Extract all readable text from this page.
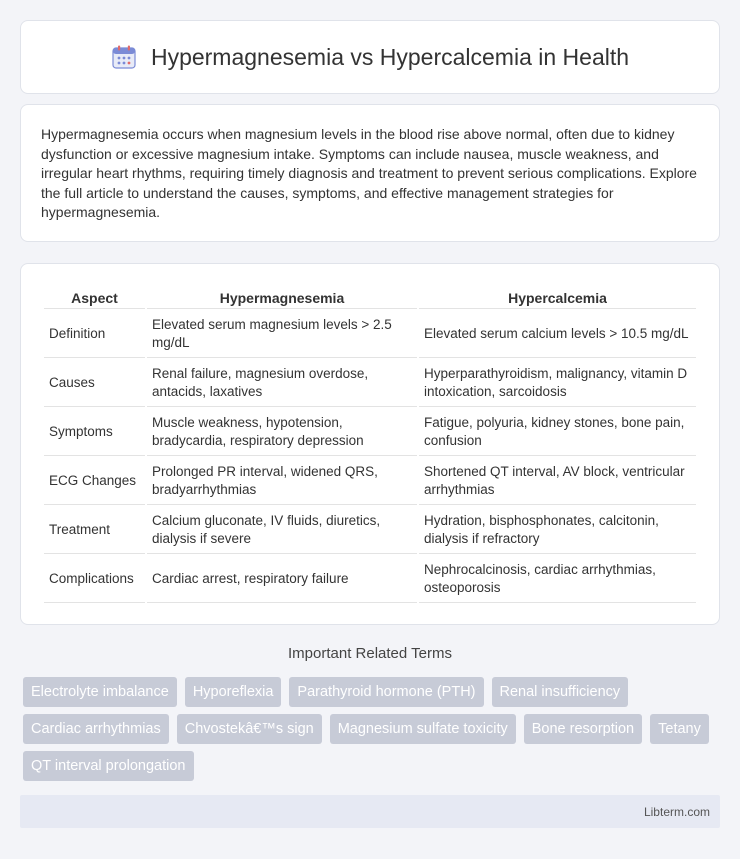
Hypermagnesemia vs Hypercalcemia in Health

Hypermagnesemia occurs when magnesium levels in the blood rise above normal, often due to kidney dysfunction or excessive magnesium intake. Symptoms can include nausea, muscle weakness, and irregular heart rhythms, requiring timely diagnosis and treatment to prevent serious complications. Explore the full article to understand the causes, symptoms, and effective management strategies for hypermagnesemia.

Aspect	Hypermagnesemia	Hypercalcemia
Definition	Elevated serum magnesium levels > 2.5 mg/dL	Elevated serum calcium levels > 10.5 mg/dL
Causes	Renal failure, magnesium overdose, antacids, laxatives	Hyperparathyroidism, malignancy, vitamin D intoxication, sarcoidosis
Symptoms	Muscle weakness, hypotension, bradycardia, respiratory depression	Fatigue, polyuria, kidney stones, bone pain, confusion
ECG Changes	Prolonged PR interval, widened QRS, bradyarrhythmias	Shortened QT interval, AV block, ventricular arrhythmias
Treatment	Calcium gluconate, IV fluids, diuretics, dialysis if severe	Hydration, bisphosphonates, calcitonin, dialysis if refractory
Complications	Cardiac arrest, respiratory failure	Nephrocalcinosis, cardiac arrhythmias, osteoporosis
Important Related Terms
Electrolyte imbalance	Hyporeflexia	Parathyroid hormone (PTH)	Renal insufficiency
Cardiac arrhythmias	Chvostekâ€™s sign	Magnesium sulfate toxicity	Bone resorption	Tetany
QT interval prolongation
Libterm.com
